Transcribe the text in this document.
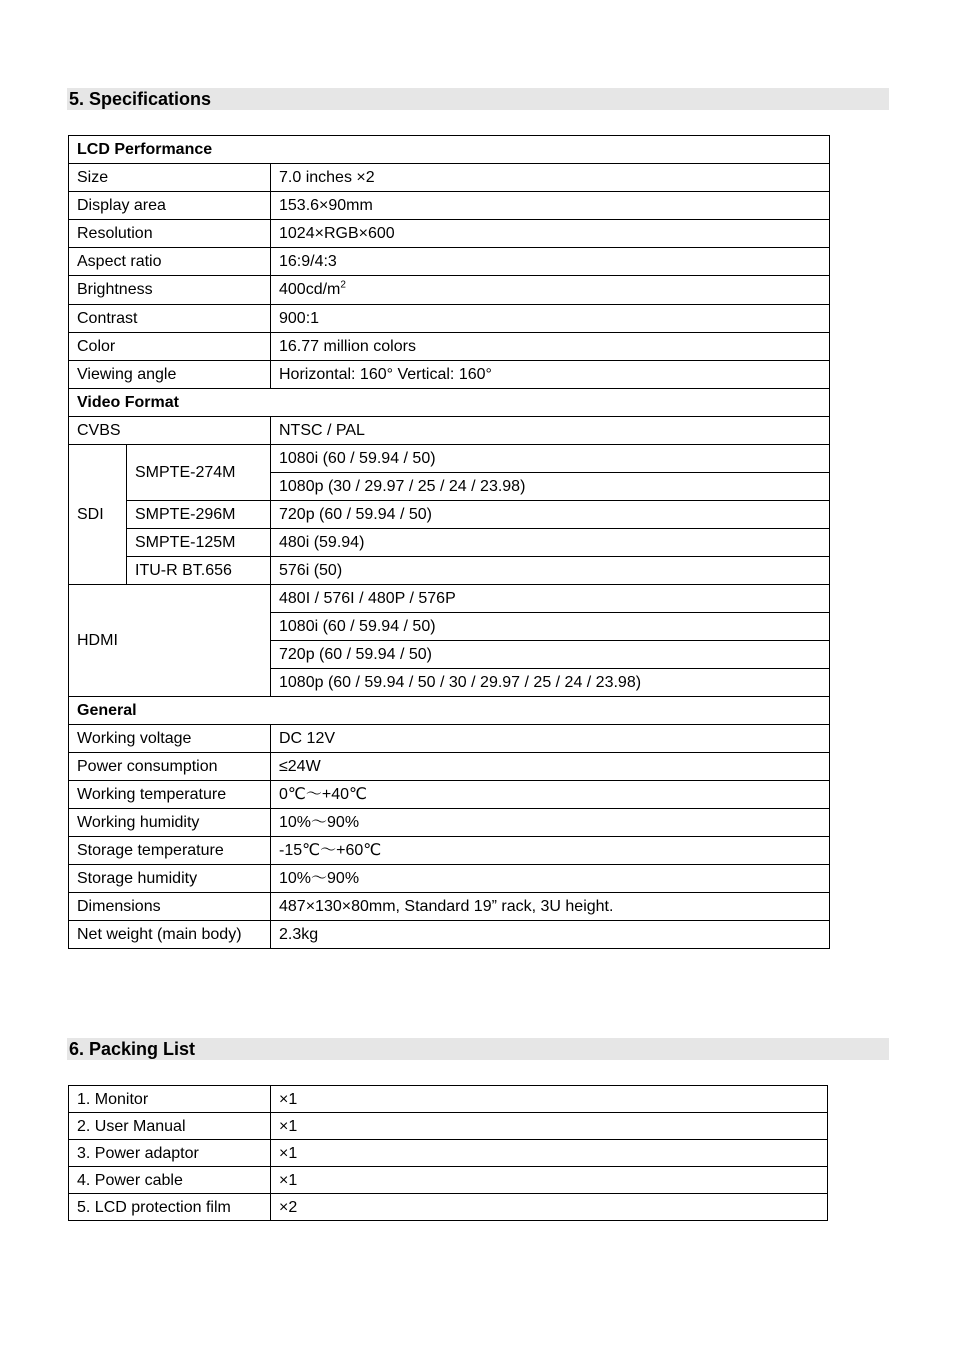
5. Specifications
LCD Performance		
Size		7.0 inches ×2
Display area		153.6×90mm
Resolution		1024×RGB×600
Aspect ratio		16:9/4:3
Brightness		$400cd/m^2$
Contrast		900:1
Color		16.77 million colors
Viewing angle		Horizontal: 160° Vertical: 160°
Video Format		
CVBS		NTSC / PAL
SDI	SMPTE-274M	1080i (60 / 59.94 / 50)
		1080p (30 / 29.97 / 25 / 24 / 23.98)
	SMPTE-296M	720p (60 / 59.94 / 50)
	SMPTE-125M	480i (59.94)
	ITU-R BT.656	576i (50)
HDMI		480I / 576I / 480P / 576P
		1080i (60 / 59.94 / 50)
		720p (60 / 59.94 / 50)
		1080p (60 / 59.94 / 50 / 30 / 29.97 / 25 / 24 / 23.98)
General		
Working voltage		DC 12V
Power consumption		≤24W
Working temperature		0℃～+40℃
Working humidity		10%～90%
Storage temperature		-15℃～+60℃
Storage humidity		10%～90%
Dimensions		487×130×80mm, Standard 19” rack, 3U height.
Net weight (main body)		2.3kg
6. Packing List
1. Monitor	×1
2. User Manual	×1
3. Power adaptor	×1
4. Power cable	×1
5. LCD protection film	×2
